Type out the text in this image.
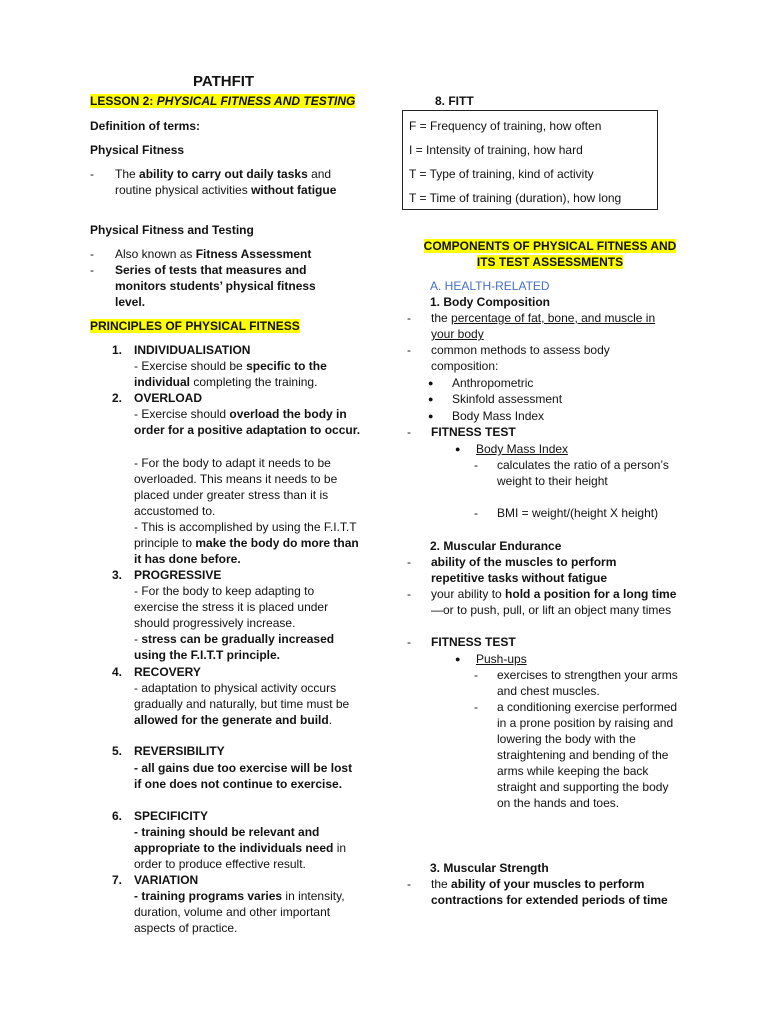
PATHFIT
LESSON 2: PHYSICAL FITNESS AND TESTING
Definition of terms:
Physical Fitness
- The ability to carry out daily tasks and routine physical activities without fatigue

Physical Fitness and Testing
- Also known as Fitness Assessment

- Series of tests that measures and monitors students’ physical fitness level.

PRINCIPLES OF PHYSICAL FITNESS
1. INDIVIDUALISATION

- Exercise should be specific to the individual completing the training.

2. OVERLOAD

- Exercise should overload the body in order for a positive adaptation to occur.

- For the body to adapt it needs to be overloaded. This means it needs to be placed under greater stress than it is accustomed to.

- This is accomplished by using the F.I.T.T principle to make the body do more than it has done before.

3. PROGRESSIVE

- For the body to keep adapting to exercise the stress it is placed under should progressively increase.

- stress can be gradually increased using the F.I.T.T principle.

4. RECOVERY

- adaptation to physical activity occurs gradually and naturally, but time must be allowed for the generate and build.

5. REVERSIBILITY

- all gains due too exercise will be lost if one does not continue to exercise.

6. SPECIFICITY

- training should be relevant and appropriate to the individuals need in order to produce effective result.

7. VARIATION

- training programs varies in intensity, duration, volume and other important aspects of practice.

8. FITT
F = Frequency of training, how often
I = Intensity of training, how hard
T = Type of training, kind of activity
T = Time of training (duration), how long
COMPONENTS OF PHYSICAL FITNESS AND
ITS TEST ASSESSMENTS
A. HEALTH-RELATED
1. Body Composition
- the percentage of fat, bone, and muscle in your body

- common methods to assess body composition:

● Anthropometric
● Skinfold assessment
● Body Mass Index
- FITNESS TEST
● Body Mass Index
- calculates the ratio of a person’s weight to their height

- BMI = weight/(height X height)

2. Muscular Endurance
- ability of the muscles to perform repetitive tasks without fatigue

- your ability to hold a position for a long time—or to push, pull, or lift an object many times

- FITNESS TEST
● Push-ups
- exercises to strengthen your arms and chest muscles.

- a conditioning exercise performed in a prone position by raising and lowering the body with the straightening and bending of the arms while keeping the back straight and supporting the body on the hands and toes.

3. Muscular Strength
- the ability of your muscles to perform contractions for extended periods of time
